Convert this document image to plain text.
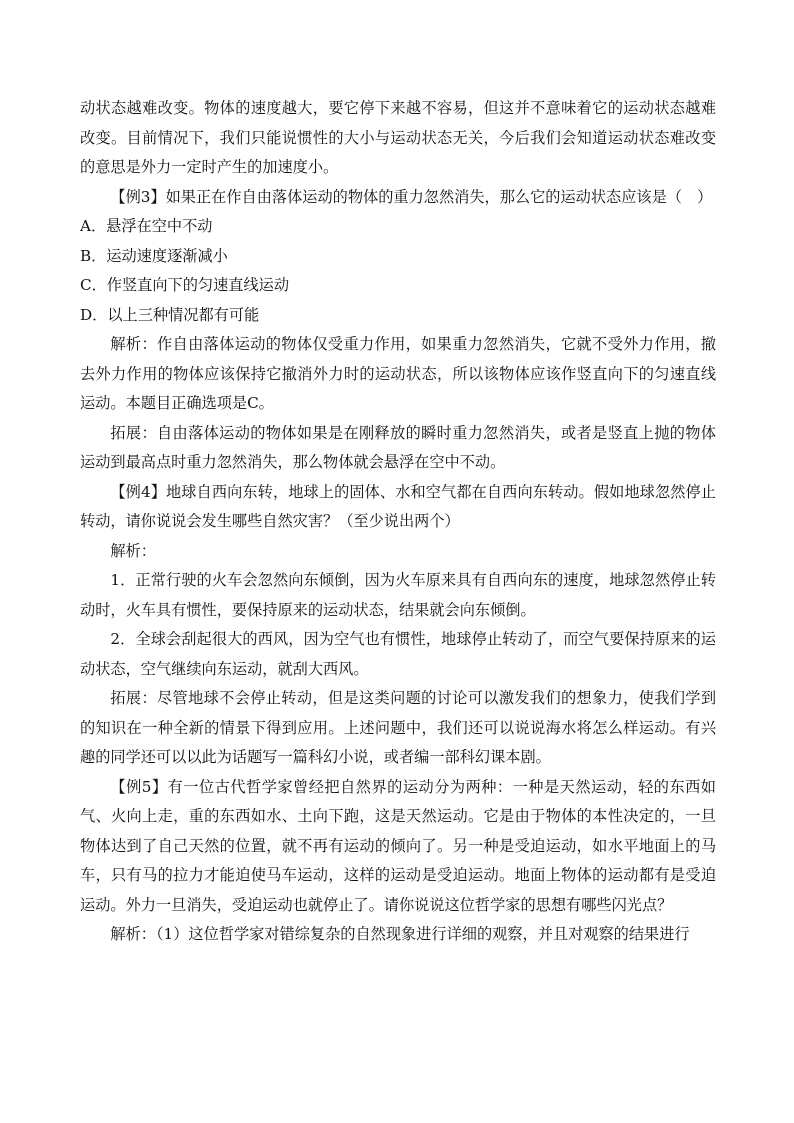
动状态越难改变。物体的速度越大，要它停下来越不容易，但这并不意味着它的运动状态越难改变。目前情况下，我们只能说惯性的大小与运动状态无关，今后我们会知道运动状态难改变的意思是外力一定时产生的加速度小。

【例3】如果正在作自由落体运动的物体的重力忽然消失，那么它的运动状态应该是（　）

A．悬浮在空中不动

B．运动速度逐渐减小

C．作竖直向下的匀速直线运动

D．以上三种情况都有可能

解析：作自由落体运动的物体仅受重力作用，如果重力忽然消失，它就不受外力作用，撤去外力作用的物体应该保持它撤消外力时的运动状态，所以该物体应该作竖直向下的匀速直线运动。本题目正确选项是C。

拓展：自由落体运动的物体如果是在刚释放的瞬时重力忽然消失，或者是竖直上抛的物体运动到最高点时重力忽然消失，那么物体就会悬浮在空中不动。

【例4】地球自西向东转，地球上的固体、水和空气都在自西向东转动。假如地球忽然停止转动，请你说说会发生哪些自然灾害？（至少说出两个）

解析：

1．正常行驶的火车会忽然向东倾倒，因为火车原来具有自西向东的速度，地球忽然停止转动时，火车具有惯性，要保持原来的运动状态，结果就会向东倾倒。

2．全球会刮起很大的西风，因为空气也有惯性，地球停止转动了，而空气要保持原来的运动状态，空气继续向东运动，就刮大西风。

拓展：尽管地球不会停止转动，但是这类问题的讨论可以激发我们的想象力，使我们学到的知识在一种全新的情景下得到应用。上述问题中，我们还可以说说海水将怎么样运动。有兴趣的同学还可以以此为话题写一篇科幻小说，或者编一部科幻课本剧。

【例5】有一位古代哲学家曾经把自然界的运动分为两种：一种是天然运动，轻的东西如气、火向上走，重的东西如水、土向下跑，这是天然运动。它是由于物体的本性决定的，一旦物体达到了自己天然的位置，就不再有运动的倾向了。另一种是受迫运动，如水平地面上的马车，只有马的拉力才能迫使马车运动，这样的运动是受迫运动。地面上物体的运动都有是受迫运动。外力一旦消失，受迫运动也就停止了。请你说说这位哲学家的思想有哪些闪光点？

解析：（1）这位哲学家对错综复杂的自然现象进行详细的观察，并且对观察的结果进行
